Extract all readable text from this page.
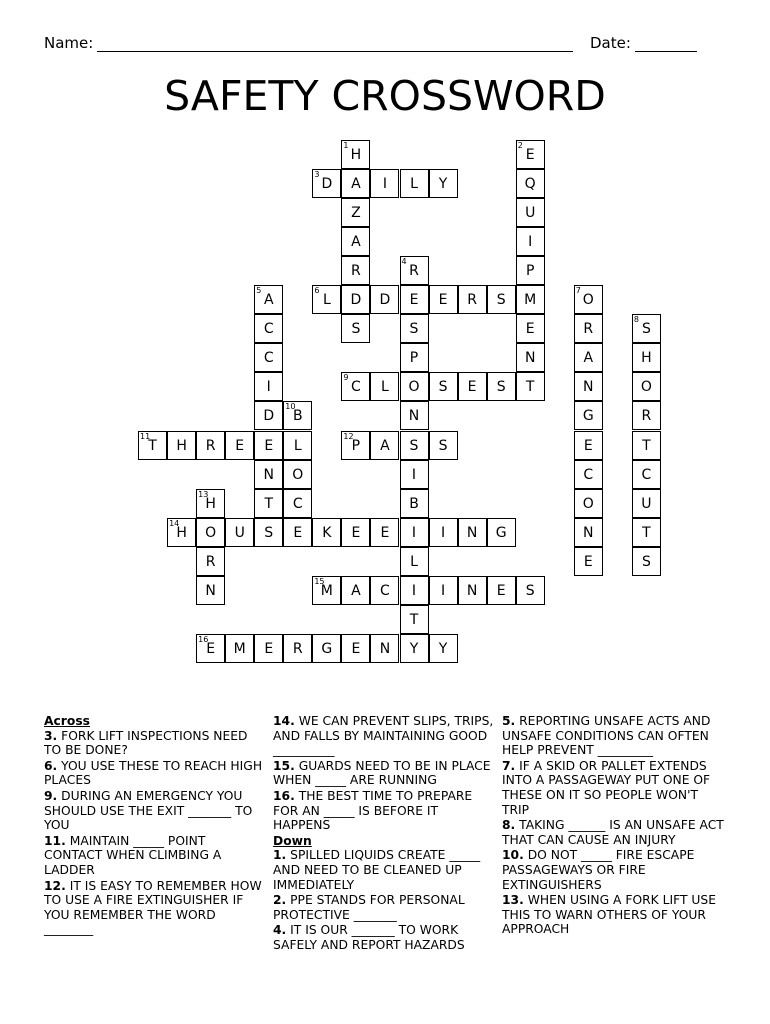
Name:	Date:
SAFETY CROSSWORD
H
1
A
Z
A
R
D
S
E
2
Q
U
I
P
M
E
N
T
D
3
I	L	Y
R
4
E
S
P
O
N
S
I
B
I
L
I
T
Y
A
5
C
C
I
D
E
N
T
L
6
D	E	R	S	O
7
R
A
N
G
E
C
O
N
E
S
8
H
O
R
T
C
U
T
S
C
9
L	S	E	S
B
10
L
O
C
T
11
H	R	E	P
12
A	S
H
13
O
R
N
H
14
U	S	E	K	E	E	I	N	G
M
15
A	C	I	N	E	S
E
16
M	E	R	G	E	N	Y
Across
3. FORK LIFT INSPECTIONS NEED TO BE DONE?
6. YOU USE THESE TO REACH HIGH PLACES
9. DURING AN EMERGENCY YOU SHOULD USE THE EXIT _______ TO YOU
11. MAINTAIN _____ POINT CONTACT WHEN CLIMBING A LADDER
12. IT IS EASY TO REMEMBER HOW TO USE A FIRE EXTINGUISHER IF YOU REMEMBER THE WORD ________
14. WE CAN PREVENT SLIPS, TRIPS, AND FALLS BY MAINTAINING GOOD __________
15. GUARDS NEED TO BE IN PLACE WHEN _____ ARE RUNNING
16. THE BEST TIME TO PREPARE FOR AN _____ IS BEFORE IT HAPPENS
Down
1. SPILLED LIQUIDS CREATE _____ AND NEED TO BE CLEANED UP IMMEDIATELY
2. PPE STANDS FOR PERSONAL PROTECTIVE _______
4. IT IS OUR _______ TO WORK SAFELY AND REPORT HAZARDS
5. REPORTING UNSAFE ACTS AND UNSAFE CONDITIONS CAN OFTEN HELP PREVENT _________
7. IF A SKID OR PALLET EXTENDS INTO A PASSAGEWAY PUT ONE OF THESE ON IT SO PEOPLE WON'T TRIP
8. TAKING ______ IS AN UNSAFE ACT THAT CAN CAUSE AN INJURY
10. DO NOT _____ FIRE ESCAPE PASSAGEWAYS OR FIRE EXTINGUISHERS
13. WHEN USING A FORK LIFT USE THIS TO WARN OTHERS OF YOUR APPROACH
